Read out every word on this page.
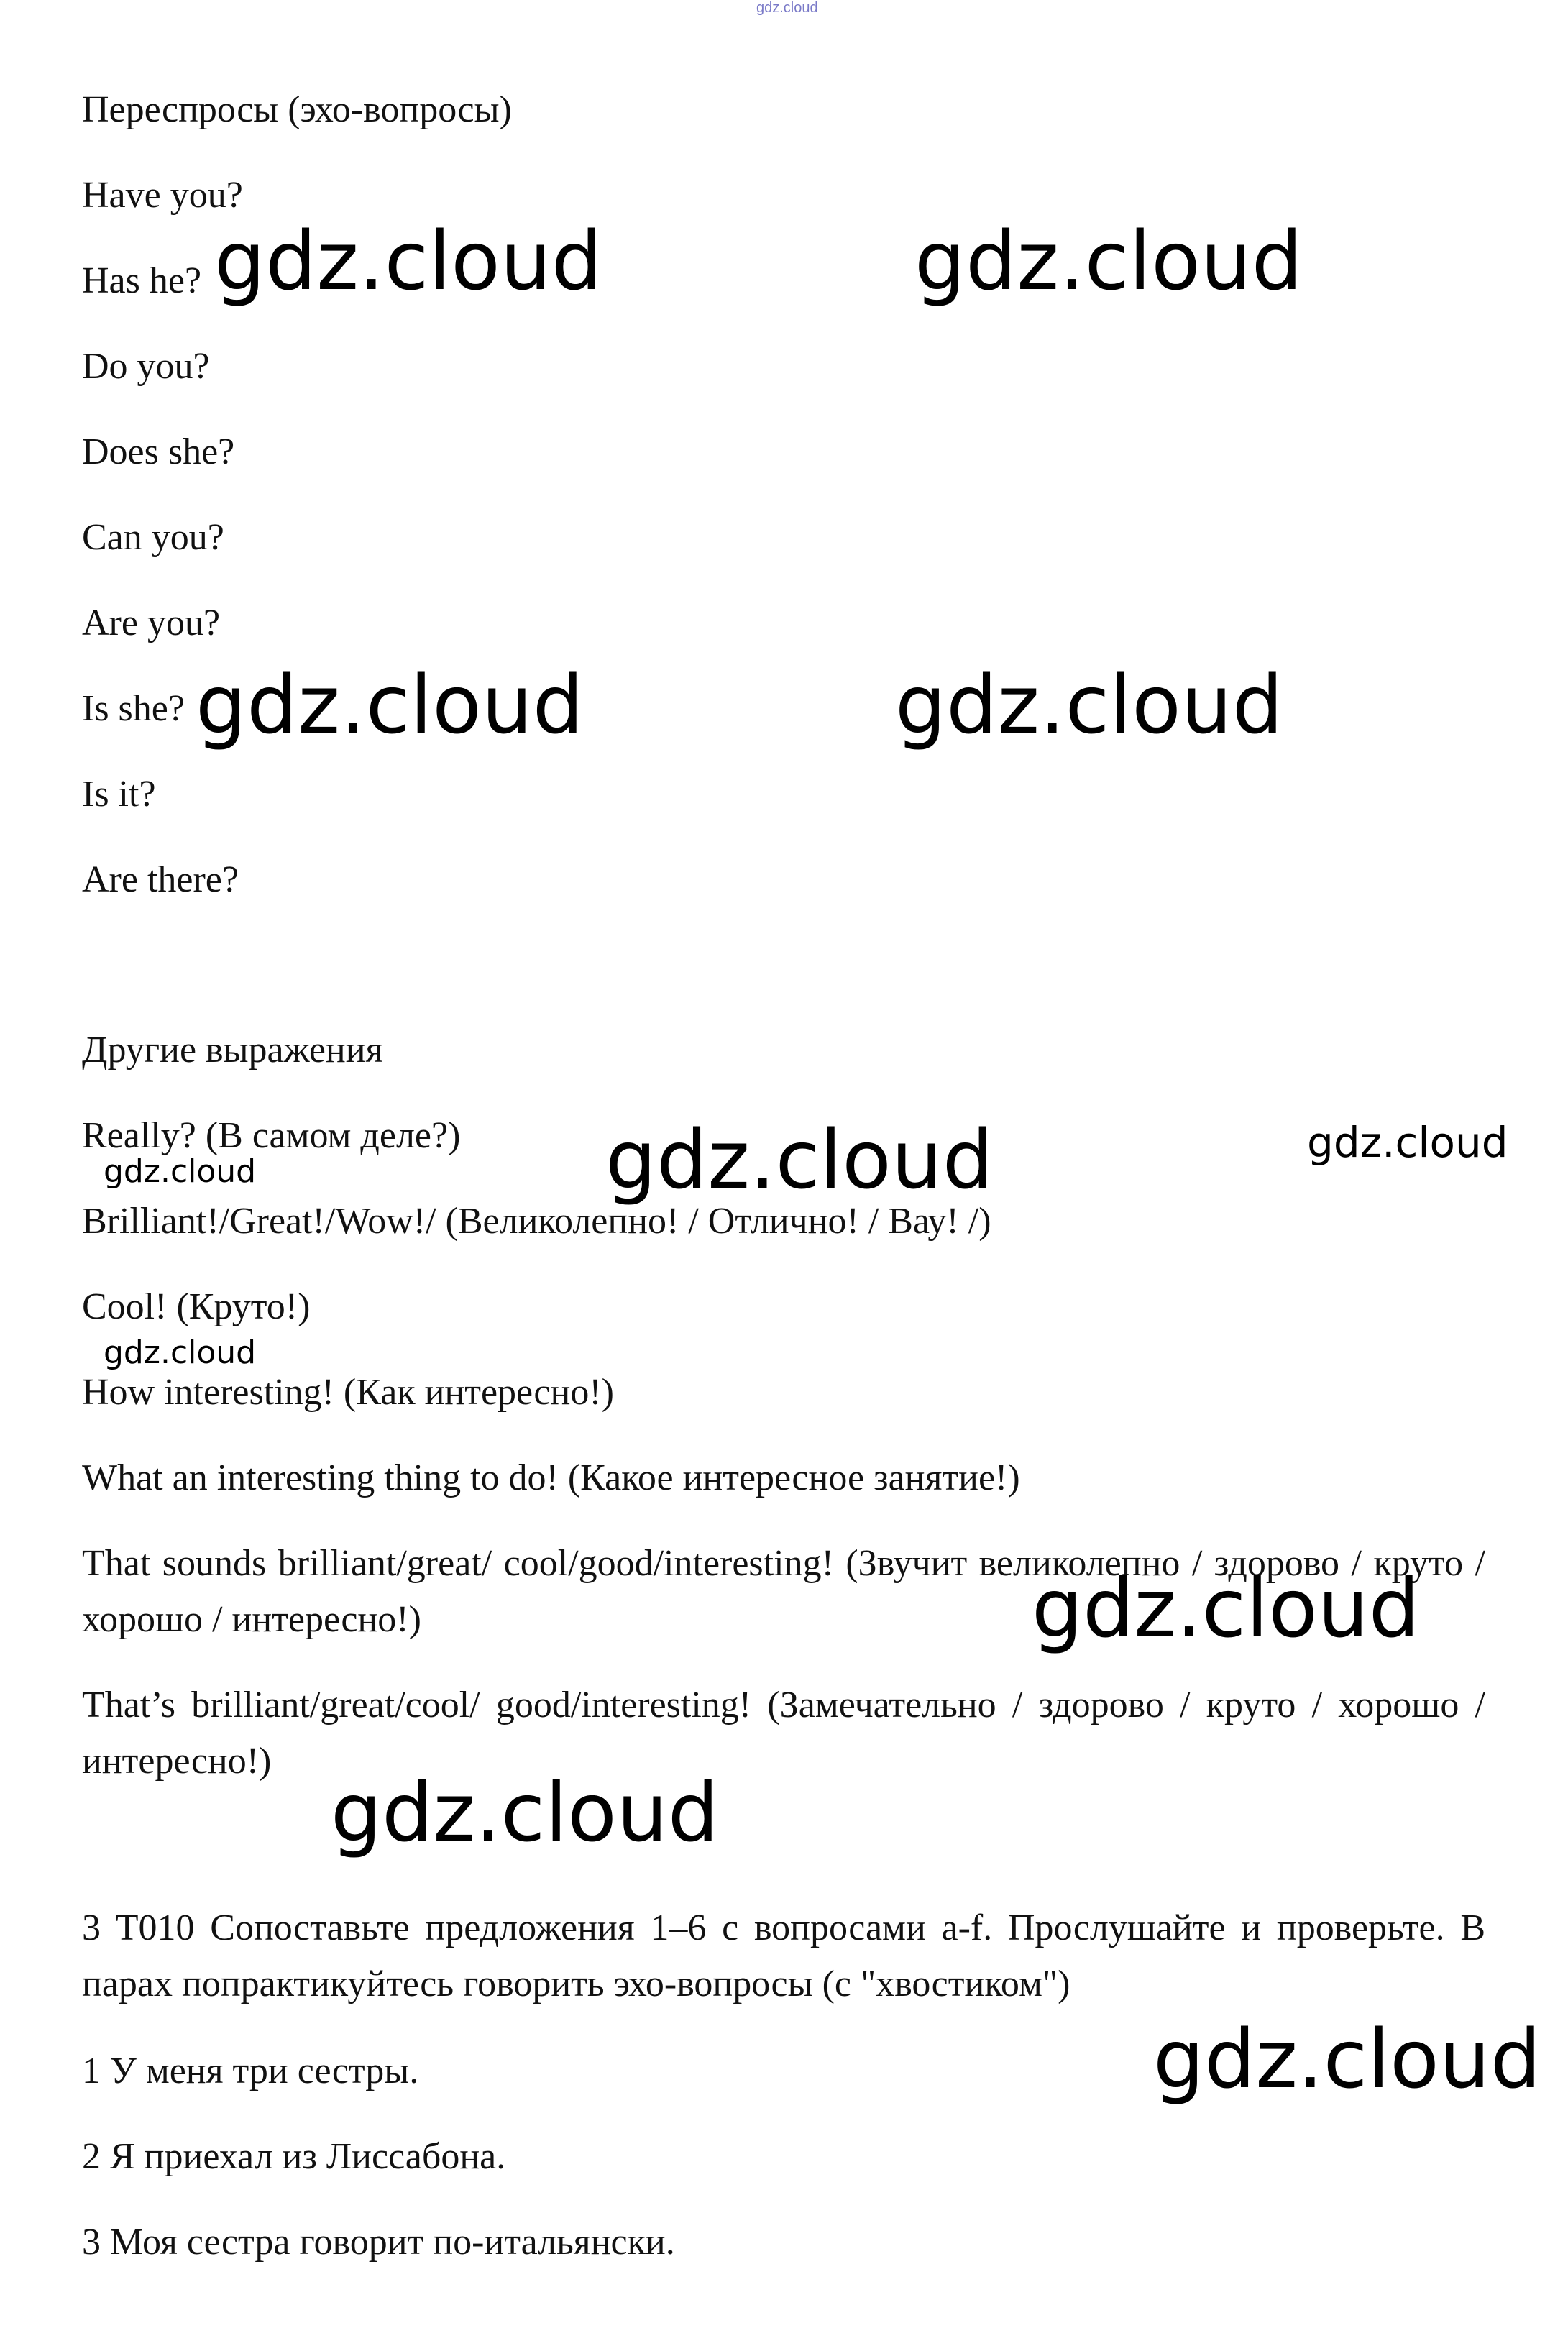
gdz.cloud
Переспросы (эхо-вопросы)
Have you?
Has he?
Do you?
Does she?
Can you?
Are you?
Is she?
Is it?
Are there?
Другие выражения
Really? (В самом деле?)
Brilliant!/Great!/Wow!/ (Великолепно! / Отлично! / Вау! /)
Cool! (Круто!)
How interesting! (Как интересно!)
What an interesting thing to do! (Какое интересное занятие!)
That sounds brilliant/great/ cool/good/interesting! (Звучит великолепно / здорово / круто / хорошо / интересно!)
That’s brilliant/great/cool/ good/interesting! (Замечательно / здорово / круто / хорошо / интересно!)
3 T010 Сопоставьте предложения 1–6 с вопросами a-f. Прослушайте и проверьте. В парах попрактикуйтесь говорить эхо-вопросы (с "хвостиком")
1 У меня три сестры.
2 Я приехал из Лиссабона.
3 Моя сестра говорит по-итальянски.
gdz.cloud	gdz.cloud
gdz.cloud	gdz.cloud
gdz.cloud	gdz.cloud
gdz.cloud
gdz.cloud
gdz.cloud
gdz.cloud
gdz.cloud
